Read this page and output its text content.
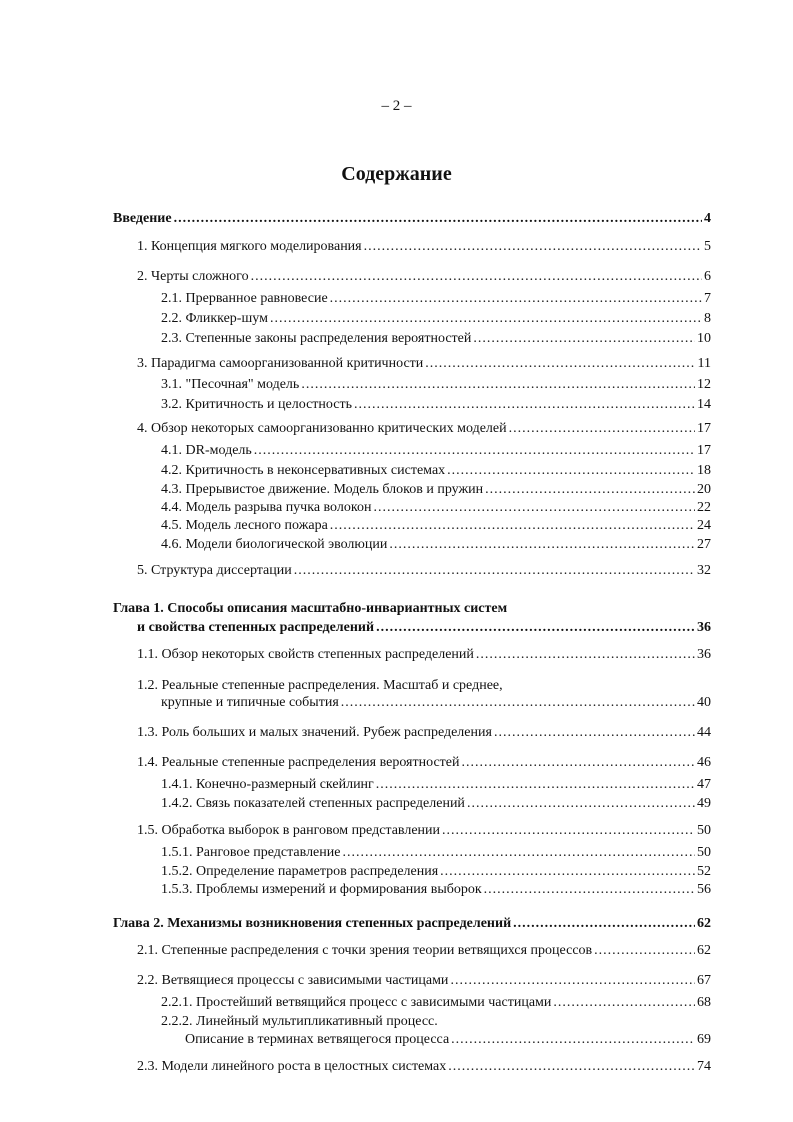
– 2 –
Содержание
Введение .....	4
1. Концепция мягкого моделирования .....	5
2. Черты сложного .....	6
2.1. Прерванное равновесие .....	7
2.2. Фликкер-шум .....	8
2.3. Степенные законы распределения вероятностей .....	10
3. Парадигма самоорганизованной критичности .....	11
3.1. "Песочная" модель .....	12
3.2. Критичность и целостность .....	14
4. Обзор некоторых самоорганизованно критических моделей .....	17
4.1. DR-модель .....	17
4.2. Критичность в неконсервативных системах .....	18
4.3. Прерывистое движение. Модель блоков и пружин .....	20
4.4. Модель разрыва пучка волокон .....	22
4.5. Модель лесного пожара .....	24
4.6. Модели биологической эволюции .....	27
5. Структура диссертации .....	32
Глава 1. Способы описания масштабно-инвариантных систем
и свойства степенных распределений .....	36
1.1. Обзор некоторых свойств степенных распределений .....	36
1.2. Реальные степенные распределения. Масштаб и среднее,
крупные и типичные события .....	40
1.3. Роль больших и малых значений. Рубеж распределения .....	44
1.4. Реальные степенные распределения вероятностей .....	46
1.4.1. Конечно-размерный скейлинг .....	47
1.4.2. Связь показателей степенных распределений .....	49
1.5. Обработка выборок в ранговом представлении .....	50
1.5.1. Ранговое представление .....	50
1.5.2. Определение параметров распределения .....	52
1.5.3. Проблемы измерений и формирования выборок .....	56
Глава 2. Механизмы возникновения степенных распределений .....	62
2.1. Степенные распределения с точки зрения теории ветвящихся процессов .....	62
2.2. Ветвящиеся процессы с зависимыми частицами .....	67
2.2.1. Простейший ветвящийся процесс с зависимыми частицами .....	68
2.2.2. Линейный мультипликативный процесс.
Описание в терминах ветвящегося процесса .....	69
2.3. Модели линейного роста в целостных системах .....	74
